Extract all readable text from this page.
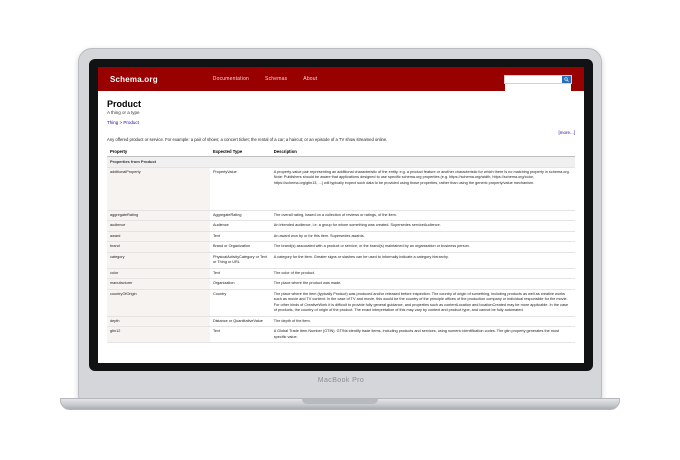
Schema.org	Documentation	Schemas	About
Product
A thing or a type
Thing > Product
[more...]
Any offered product or service. For example: a pair of shoes; a concert ticket; the rental of a car; a haircut; or an episode of a TV show streamed online.
Property	Expected Type	Description
Properties from Product		
additionalProperty	PropertyValue	A property-value pair representing an additional characteristic of the entity, e.g. a product feature or another characteristic for which there is no matching property in schema.org. Note: Publishers should be aware that applications designed to use specific schema.org properties (e.g. https://schema.org/width, https://schema.org/color, https://schema.org/gtin13, ...) will typically expect such data to be provided using those properties, rather than using the generic property/value mechanism.
aggregateRating	AggregateRating	The overall rating, based on a collection of reviews or ratings, of the item.
audience	Audience	An intended audience, i.e. a group for whom something was created. Supersedes serviceAudience.
award	Text	An award won by or for this item. Supersedes awards.
brand	Brand or Organization	The brand(s) associated with a product or service, or the brand(s) maintained by an organization or business person.
category	PhysicalActivityCategory or Text or Thing or URL	A category for the item. Greater signs or slashes can be used to informally indicate a category hierarchy.
color	Text	The color of the product.
manufacturer	Organization	The place where the product was made.
countryOfOrigin	Country	The place where the item (typically Product) was produced and/or released before inspection. The country of origin of something, including products as well as creative works such as movie and TV content. In the case of TV and movie, this would be the country of the principle offices of the production company or individual responsible for the movie. For other kinds of CreativeWork it is difficult to provide fully general guidance, and properties such as contentLocation and locationCreated may be more applicable. In the case of products, the country of origin of the product. The exact interpretation of this may vary by context and product type, and cannot be fully automated.
depth	Distance or QuantitativeValue	The depth of the item.
gtin12	Text	A Global Trade Item Number (GTIN). GTINs identify trade items, including products and services, using numeric identification codes. The gtin property generates the most specific value.
MacBook Pro
